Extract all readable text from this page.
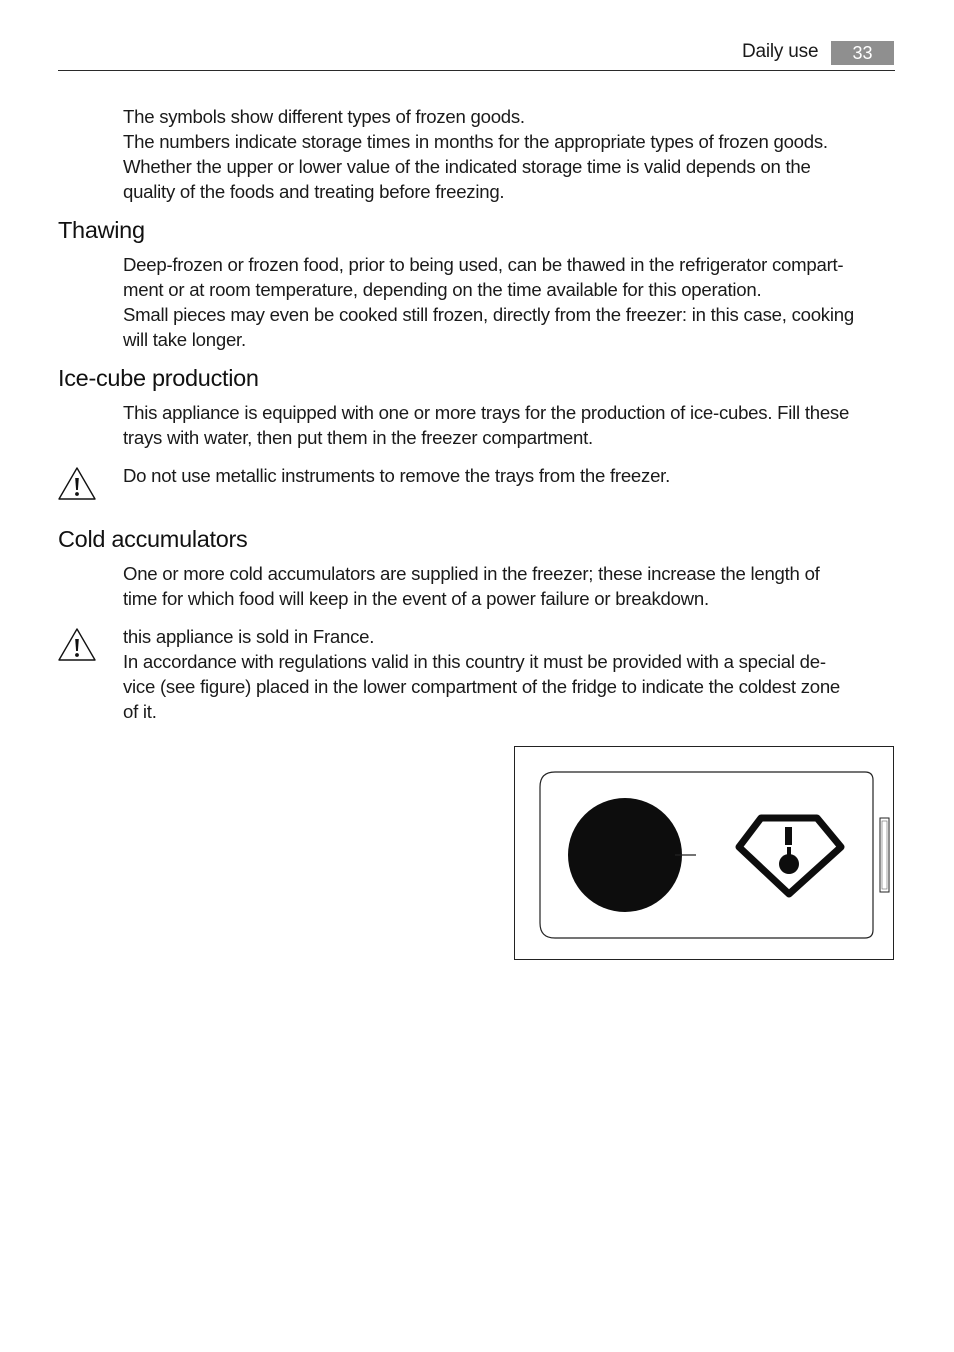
Daily use	33
The symbols show different types of frozen goods.
The numbers indicate storage times in months for the appropriate types of frozen goods.
Whether the upper or lower value of the indicated storage time is valid depends on the
quality of the foods and treating before freezing.
Thawing
Deep-frozen or frozen food, prior to being used, can be thawed in the refrigerator compart-
ment or at room temperature, depending on the time available for this operation.
Small pieces may even be cooked still frozen, directly from the freezer: in this case, cooking
will take longer.
Ice-cube production
This appliance is equipped with one or more trays for the production of ice-cubes. Fill these
trays with water, then put them in the freezer compartment.
Do not use metallic instruments to remove the trays from the freezer.
Cold accumulators
One or more cold accumulators are supplied in the freezer; these increase the length of
time for which food will keep in the event of a power failure or breakdown.
this appliance is sold in France.
In accordance with regulations valid in this country it must be provided with a special de-
vice (see figure) placed in the lower compartment of the fridge to indicate the coldest zone
of it.
